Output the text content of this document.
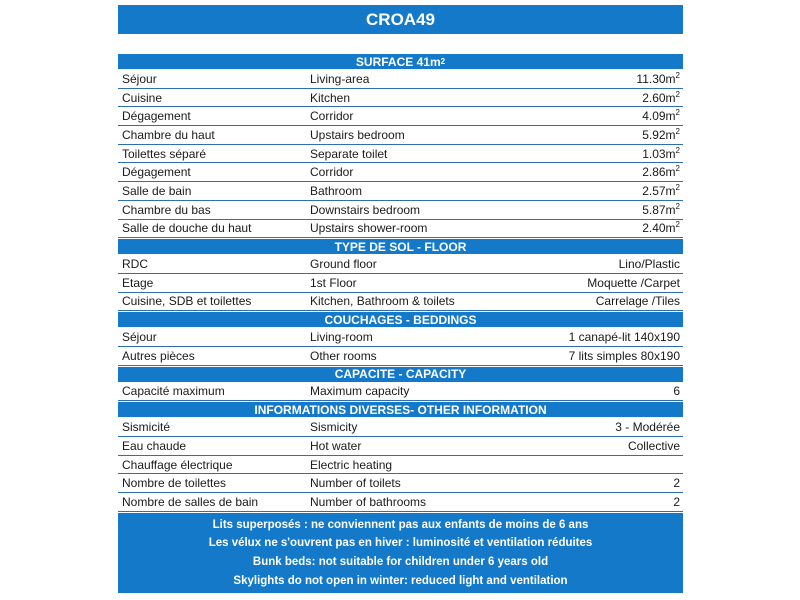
CROA49
SURFACE 41m 2
Séjour	Living-area	$11.30m^2$
Cuisine	Kitchen	$2.60m^2$
Dégagement	Corridor	$4.09m^2$
Chambre du haut	Upstairs bedroom	$5.92m^2$
Toilettes séparé	Separate toilet	$1.03m^2$
Dégagement	Corridor	$2.86m^2$
Salle de bain	Bathroom	$2.57m^2$
Chambre du bas	Downstairs bedroom	$5.87m^2$
Salle de douche du haut	Upstairs shower-room	$2.40m^2$
TYPE DE SOL - FLOOR
RDC	Ground floor	Lino/Plastic
Etage	1st Floor	Moquette /Carpet
Cuisine, SDB et toilettes	Kitchen, Bathroom & toilets	Carrelage /Tiles
COUCHAGES - BEDDINGS
Séjour	Living-room	1 canapé-lit 140x190
Autres pièces	Other rooms	7 lits simples 80x190
CAPACITE - CAPACITY
Capacité maximum	Maximum capacity	6
INFORMATIONS DIVERSES- OTHER INFORMATION
Sismicité	Sismicity	3 - Modérée
Eau chaude	Hot water	Collective
Chauffage électrique	Electric heating
Nombre de toilettes	Number of toilets	2
Nombre de salles de bain	Number of bathrooms	2
Lits superposés : ne conviennent pas aux enfants de moins de 6 ans
Les vélux ne s'ouvrent pas en hiver : luminosité et ventilation réduites
Bunk beds: not suitable for children under 6 years old
Skylights do not open in winter: reduced light and ventilation
